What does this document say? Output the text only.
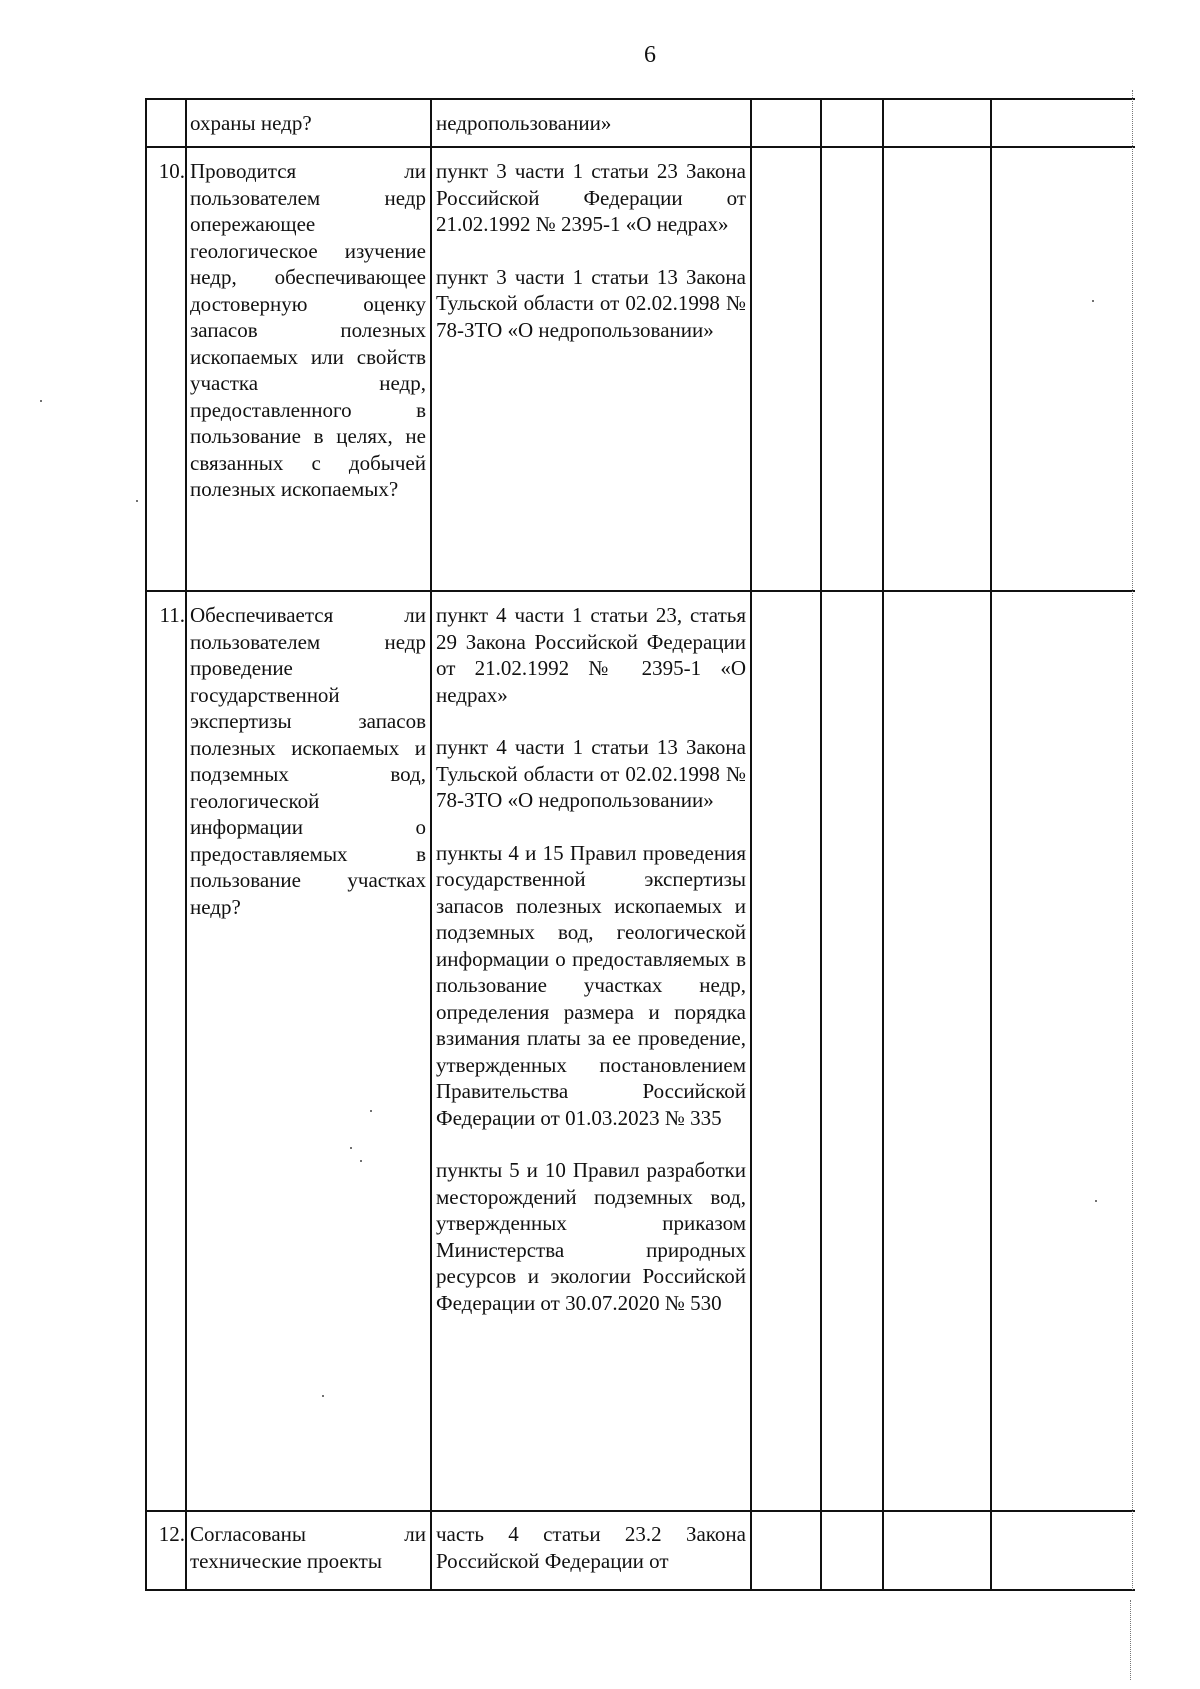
6
охраны недр?	недропользовании»

10. Проводится ли пользователем недр опережающее геологическое изучение недр, обеспечивающее достоверную оценку запасов полезных ископаемых или свойств участка недр, предоставленного в пользование в целях, не связанных с добычей полезных ископаемых?

пункт 3 части 1 статьи 23 Закона Российской Федерации от 21.02.1992 № 2395-1 «О недрах»

пункт 3 части 1 статьи 13 Закона Тульской области от 02.02.1998 № 78-ЗТО «О недропользовании»

11. Обеспечивается ли пользователем недр проведение государственной экспертизы запасов полезных ископаемых и подземных вод, геологической информации о предоставляемых в пользование участках недр?

пункт 4 части 1 статьи 23, статья 29 Закона Российской Федерации от 21.02.1992 № 2395-1 «О недрах»

пункт 4 части 1 статьи 13 Закона Тульской области от 02.02.1998 № 78-ЗТО «О недропользовании»

пункты 4 и 15 Правил проведения государственной экспертизы запасов полезных ископаемых и подземных вод, геологической информации о предоставляемых в пользование участках недр, определения размера и порядка взимания платы за ее проведение, утвержденных постановлением Правительства Российской Федерации от 01.03.2023 № 335

пункты 5 и 10 Правил разработки месторождений подземных вод, утвержденных приказом Министерства природных ресурсов и экологии Российской Федерации от 30.07.2020 № 530

12. Согласованы ли технические проекты

часть 4 статьи 23.2 Закона Российской Федерации от
